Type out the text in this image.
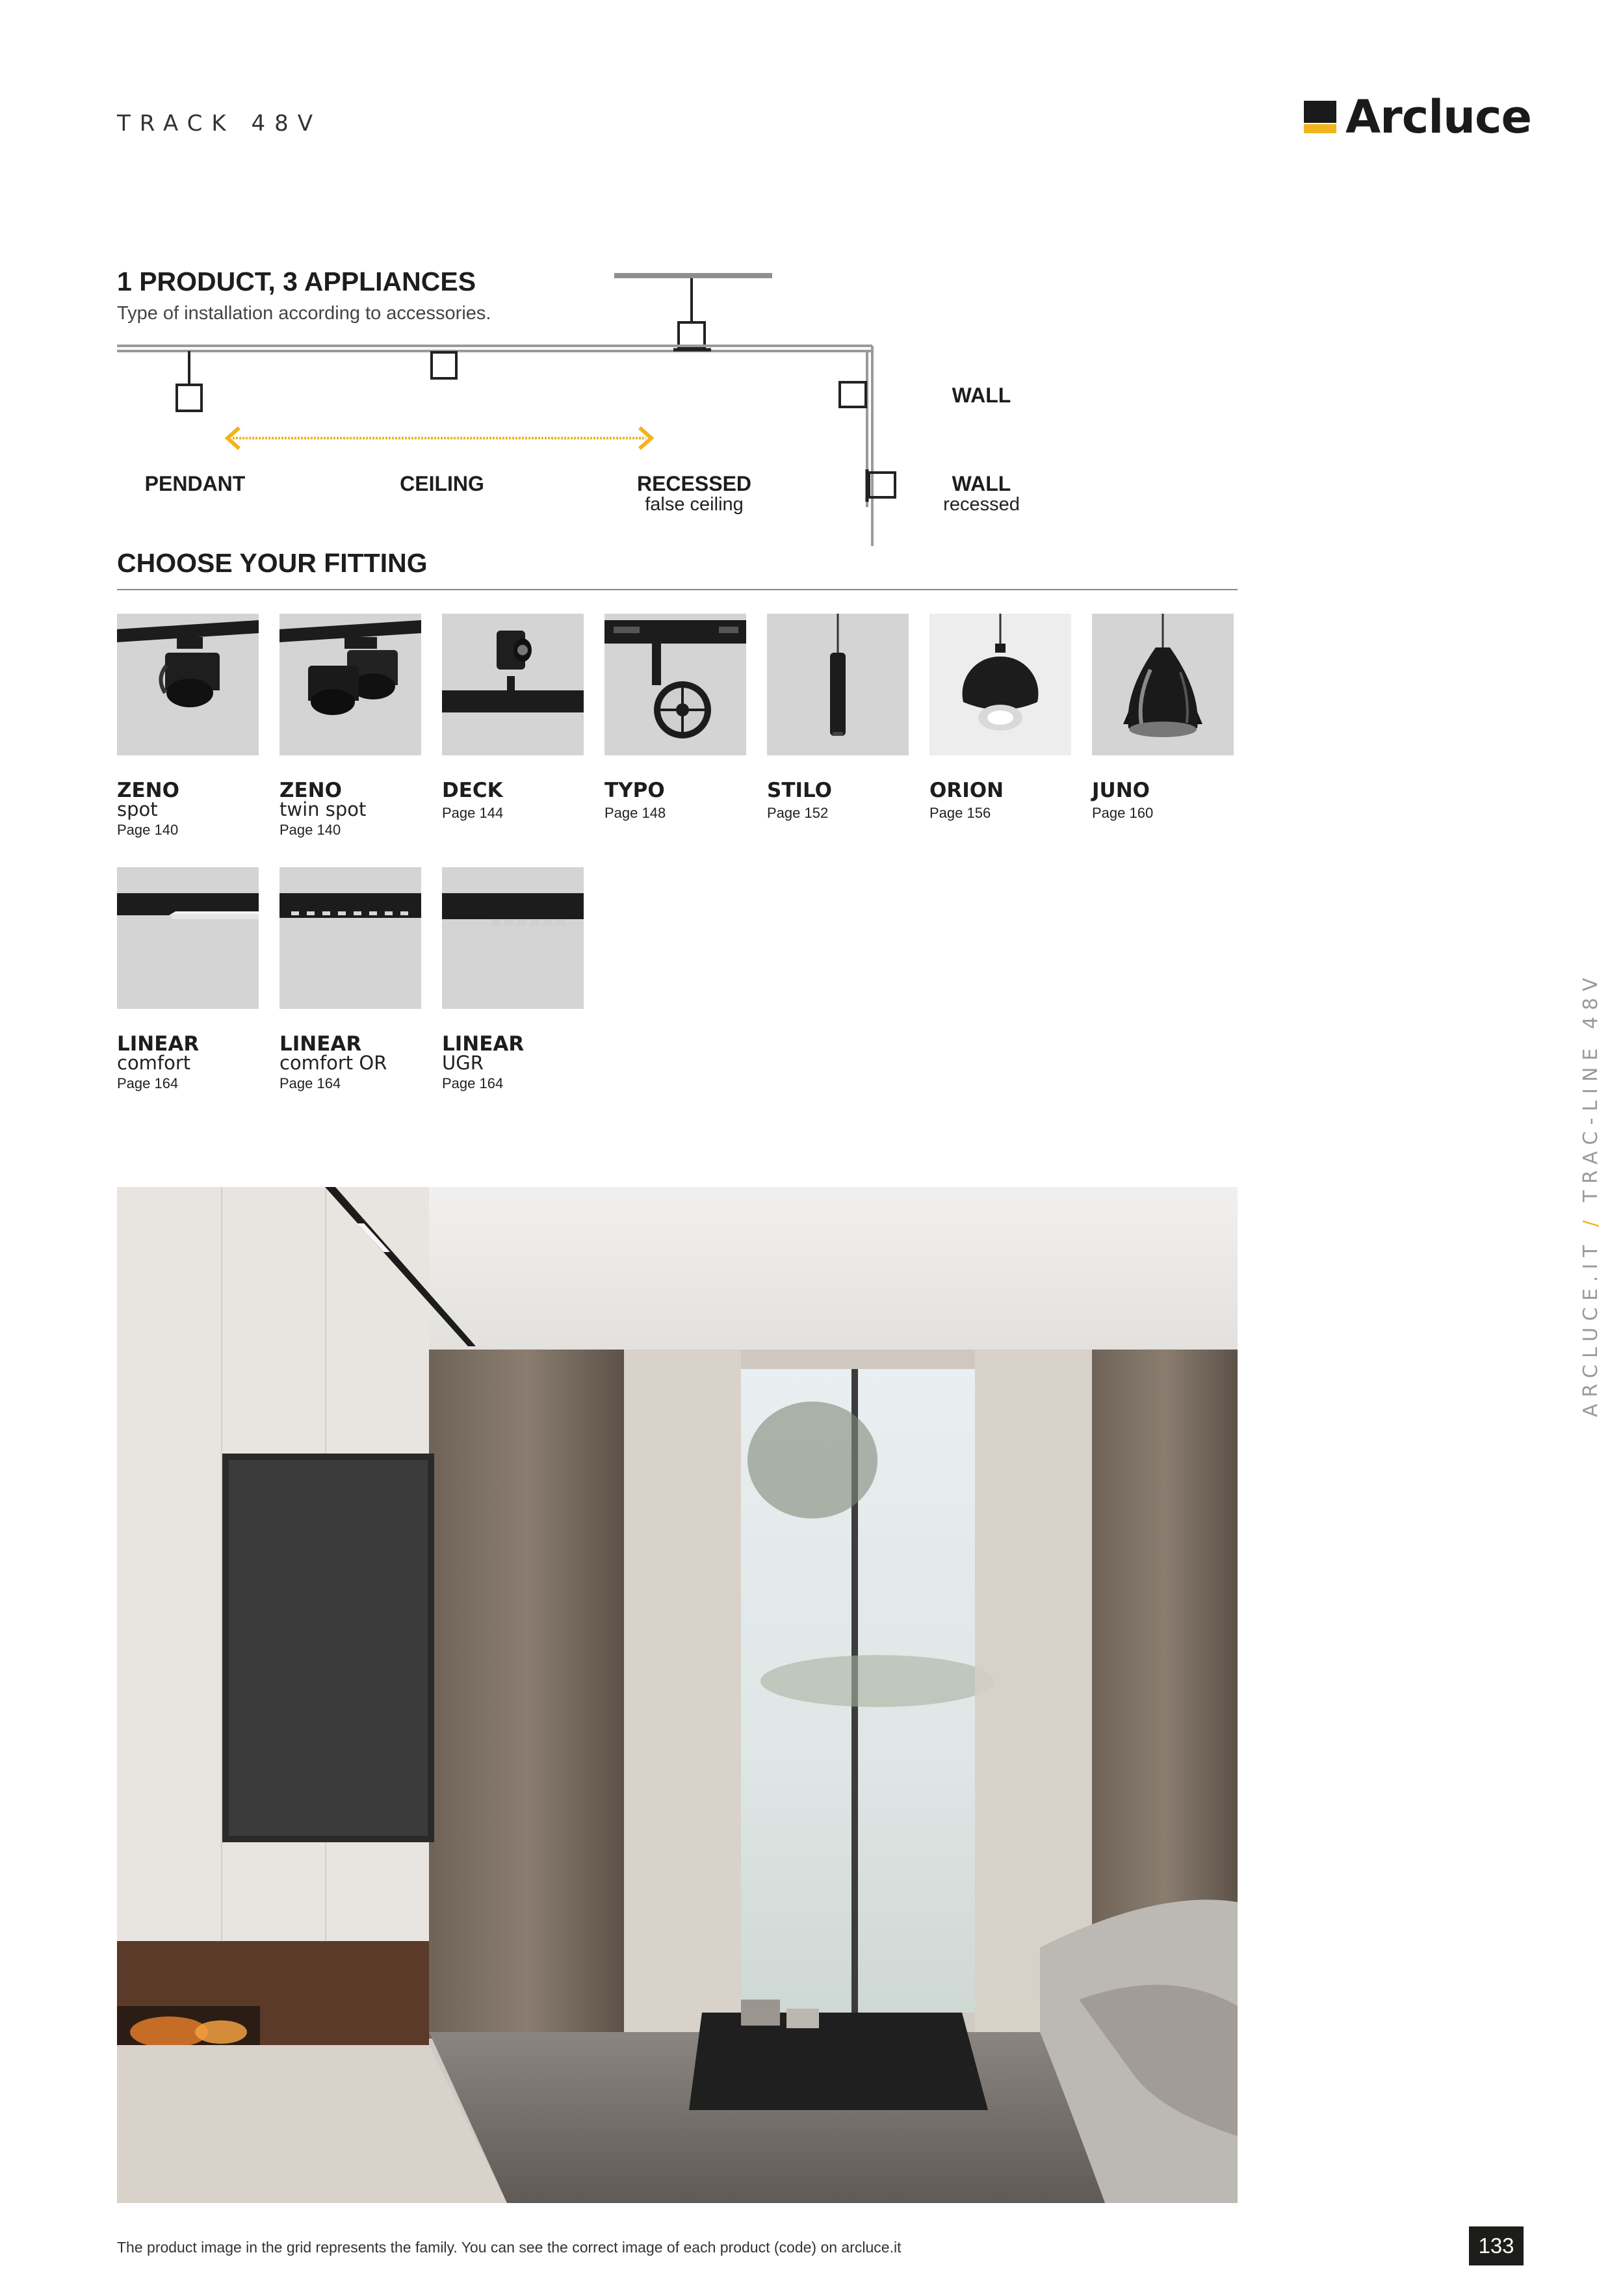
TRACK 48V	Arcluce
1 PRODUCT, 3 APPLIANCES
Type of installation according to accessories.
PENDANT	CEILING	RECESSED
false ceiling
WALL
WALL
recessed
CHOOSE YOUR FITTING
ZENO
spot
Page 140
ZENO
twin spot
Page 140
DECK
Page 144
TYPO
Page 148
STILO
Page 152
ORION
Page 156
JUNO
Page 160
LINEAR
comfort
Page 164
LINEAR
comfort OR
Page 164
LINEAR
UGR
Page 164
ARCLUCE.IT/TRAC-LINE 48V
The product image in the grid represents the family. You can see the correct image of each product (code) on arcluce.it	133
